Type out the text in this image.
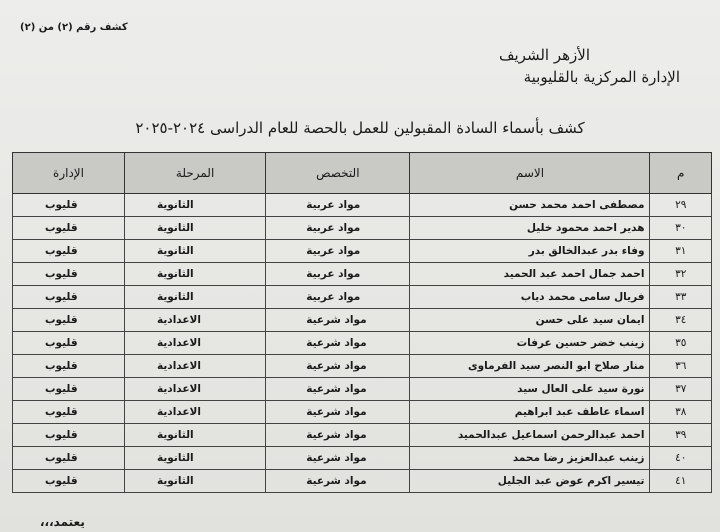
كشف رقم (٢) من (٢)
الأزهر الشريف
الإدارة المركزية بالقليوبية
كشف بأسماء السادة المقبولين للعمل بالحصة للعام الدراسى ٢٠٢٤-٢٠٢٥
م	الاسم	التخصص	المرحلة	الإدارة
٢٩	مصطفى احمد محمد حسن	مواد عربية	الثانوية	قليوب
٣٠	هدير احمد محمود خليل	مواد عربية	الثانوية	قليوب
٣١	وفاء بدر عبدالخالق بدر	مواد عربية	الثانوية	قليوب
٣٢	احمد جمال احمد عبد الحميد	مواد عربية	الثانوية	قليوب
٣٣	فريال سامى محمد دياب	مواد عربية	الثانوية	قليوب
٣٤	ايمان سيد على حسن	مواد شرعية	الاعدادية	قليوب
٣٥	زينب خضر حسين عرفات	مواد شرعية	الاعدادية	قليوب
٣٦	منار صلاح ابو النصر سيد الفرماوى	مواد شرعية	الاعدادية	قليوب
٣٧	نورة سيد على العال سيد	مواد شرعية	الاعدادية	قليوب
٣٨	اسماء عاطف عبد ابراهيم	مواد شرعية	الاعدادية	قليوب
٣٩	احمد عبدالرحمن اسماعيل عبدالحميد	مواد شرعية	الثانوية	قليوب
٤٠	زينب عبدالعزيز رضا محمد	مواد شرعية	الثانوية	قليوب
٤١	تيسير اكرم عوض عبد الجليل	مواد شرعية	الثانوية	قليوب
يعتمد،،،
